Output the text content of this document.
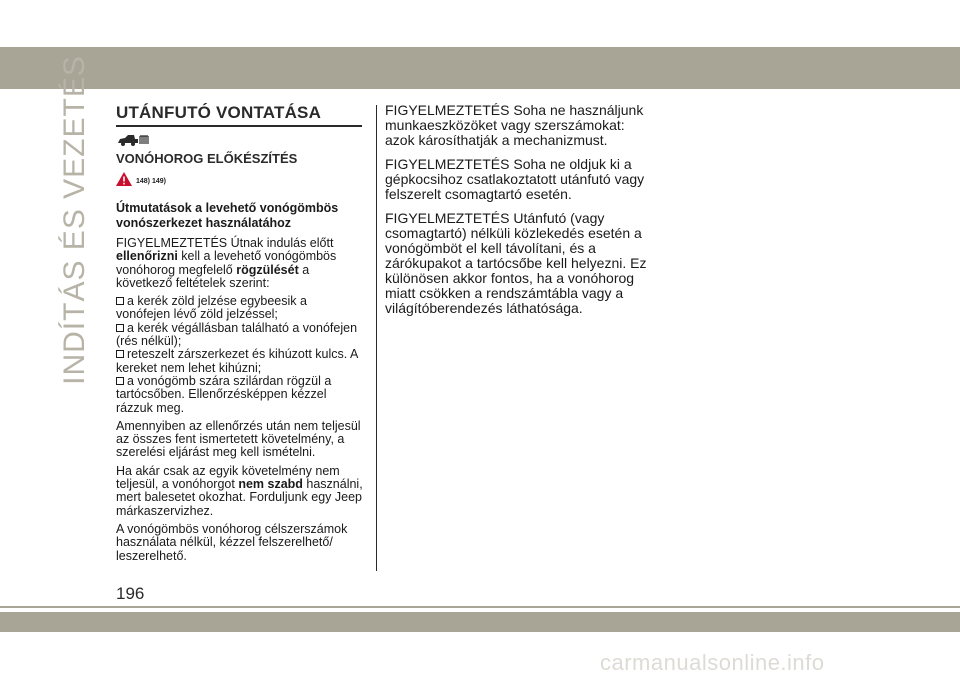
INDÍTÁS ÉS VEZETÉS UTÁNFUTÓ VONTATÁSA
VONÓHOROG ELŐKÉSZÍTÉS
148) 149)
Útmutatások a levehető vonógömbös vonószerkezet használatához

FIGYELMEZTETÉS Útnak indulás előtt ellenőrizni kell a levehető vonógömbös vonóhorog megfelelő rögzülését a következő feltételek szerint:

a kerék zöld jelzése egybeesik a vonófejen lévő zöld jelzéssel;

a kerék végállásban található a vonófejen (rés nélkül);

reteszelt zárszerkezet és kihúzott kulcs. A kereket nem lehet kihúzni;

a vonógömb szára szilárdan rögzül a tartócsőben. Ellenőrzésképpen kézzel rázzuk meg.

Amennyiben az ellenőrzés után nem teljesül az összes fent ismertetett követelmény, a szerelési eljárást meg kell ismételni.

Ha akár csak az egyik követelmény nem teljesül, a vonóhorgot nem szabd használni, mert balesetet okozhat. Forduljunk egy Jeep márkaszervizhez.

A vonógömbös vonóhorog célszerszámok használata nélkül, kézzel felszerelhető/ leszerelhető.

FIGYELMEZTETÉS Soha ne használjunk munkaeszközöket vagy szerszámokat: azok károsíthatják a mechanizmust.

FIGYELMEZTETÉS Soha ne oldjuk ki a gépkocsihoz csatlakoztatott utánfutó vagy felszerelt csomagtartó esetén.

FIGYELMEZTETÉS Utánfutó (vagy csomagtartó) nélküli közlekedés esetén a vonógömböt el kell távolítani, és a zárókupakot a tartócsőbe kell helyezni. Ez különösen akkor fontos, ha a vonóhorog miatt csökken a rendszámtábla vagy a világítóberendezés láthatósága.

196
carmanualsonline.info
